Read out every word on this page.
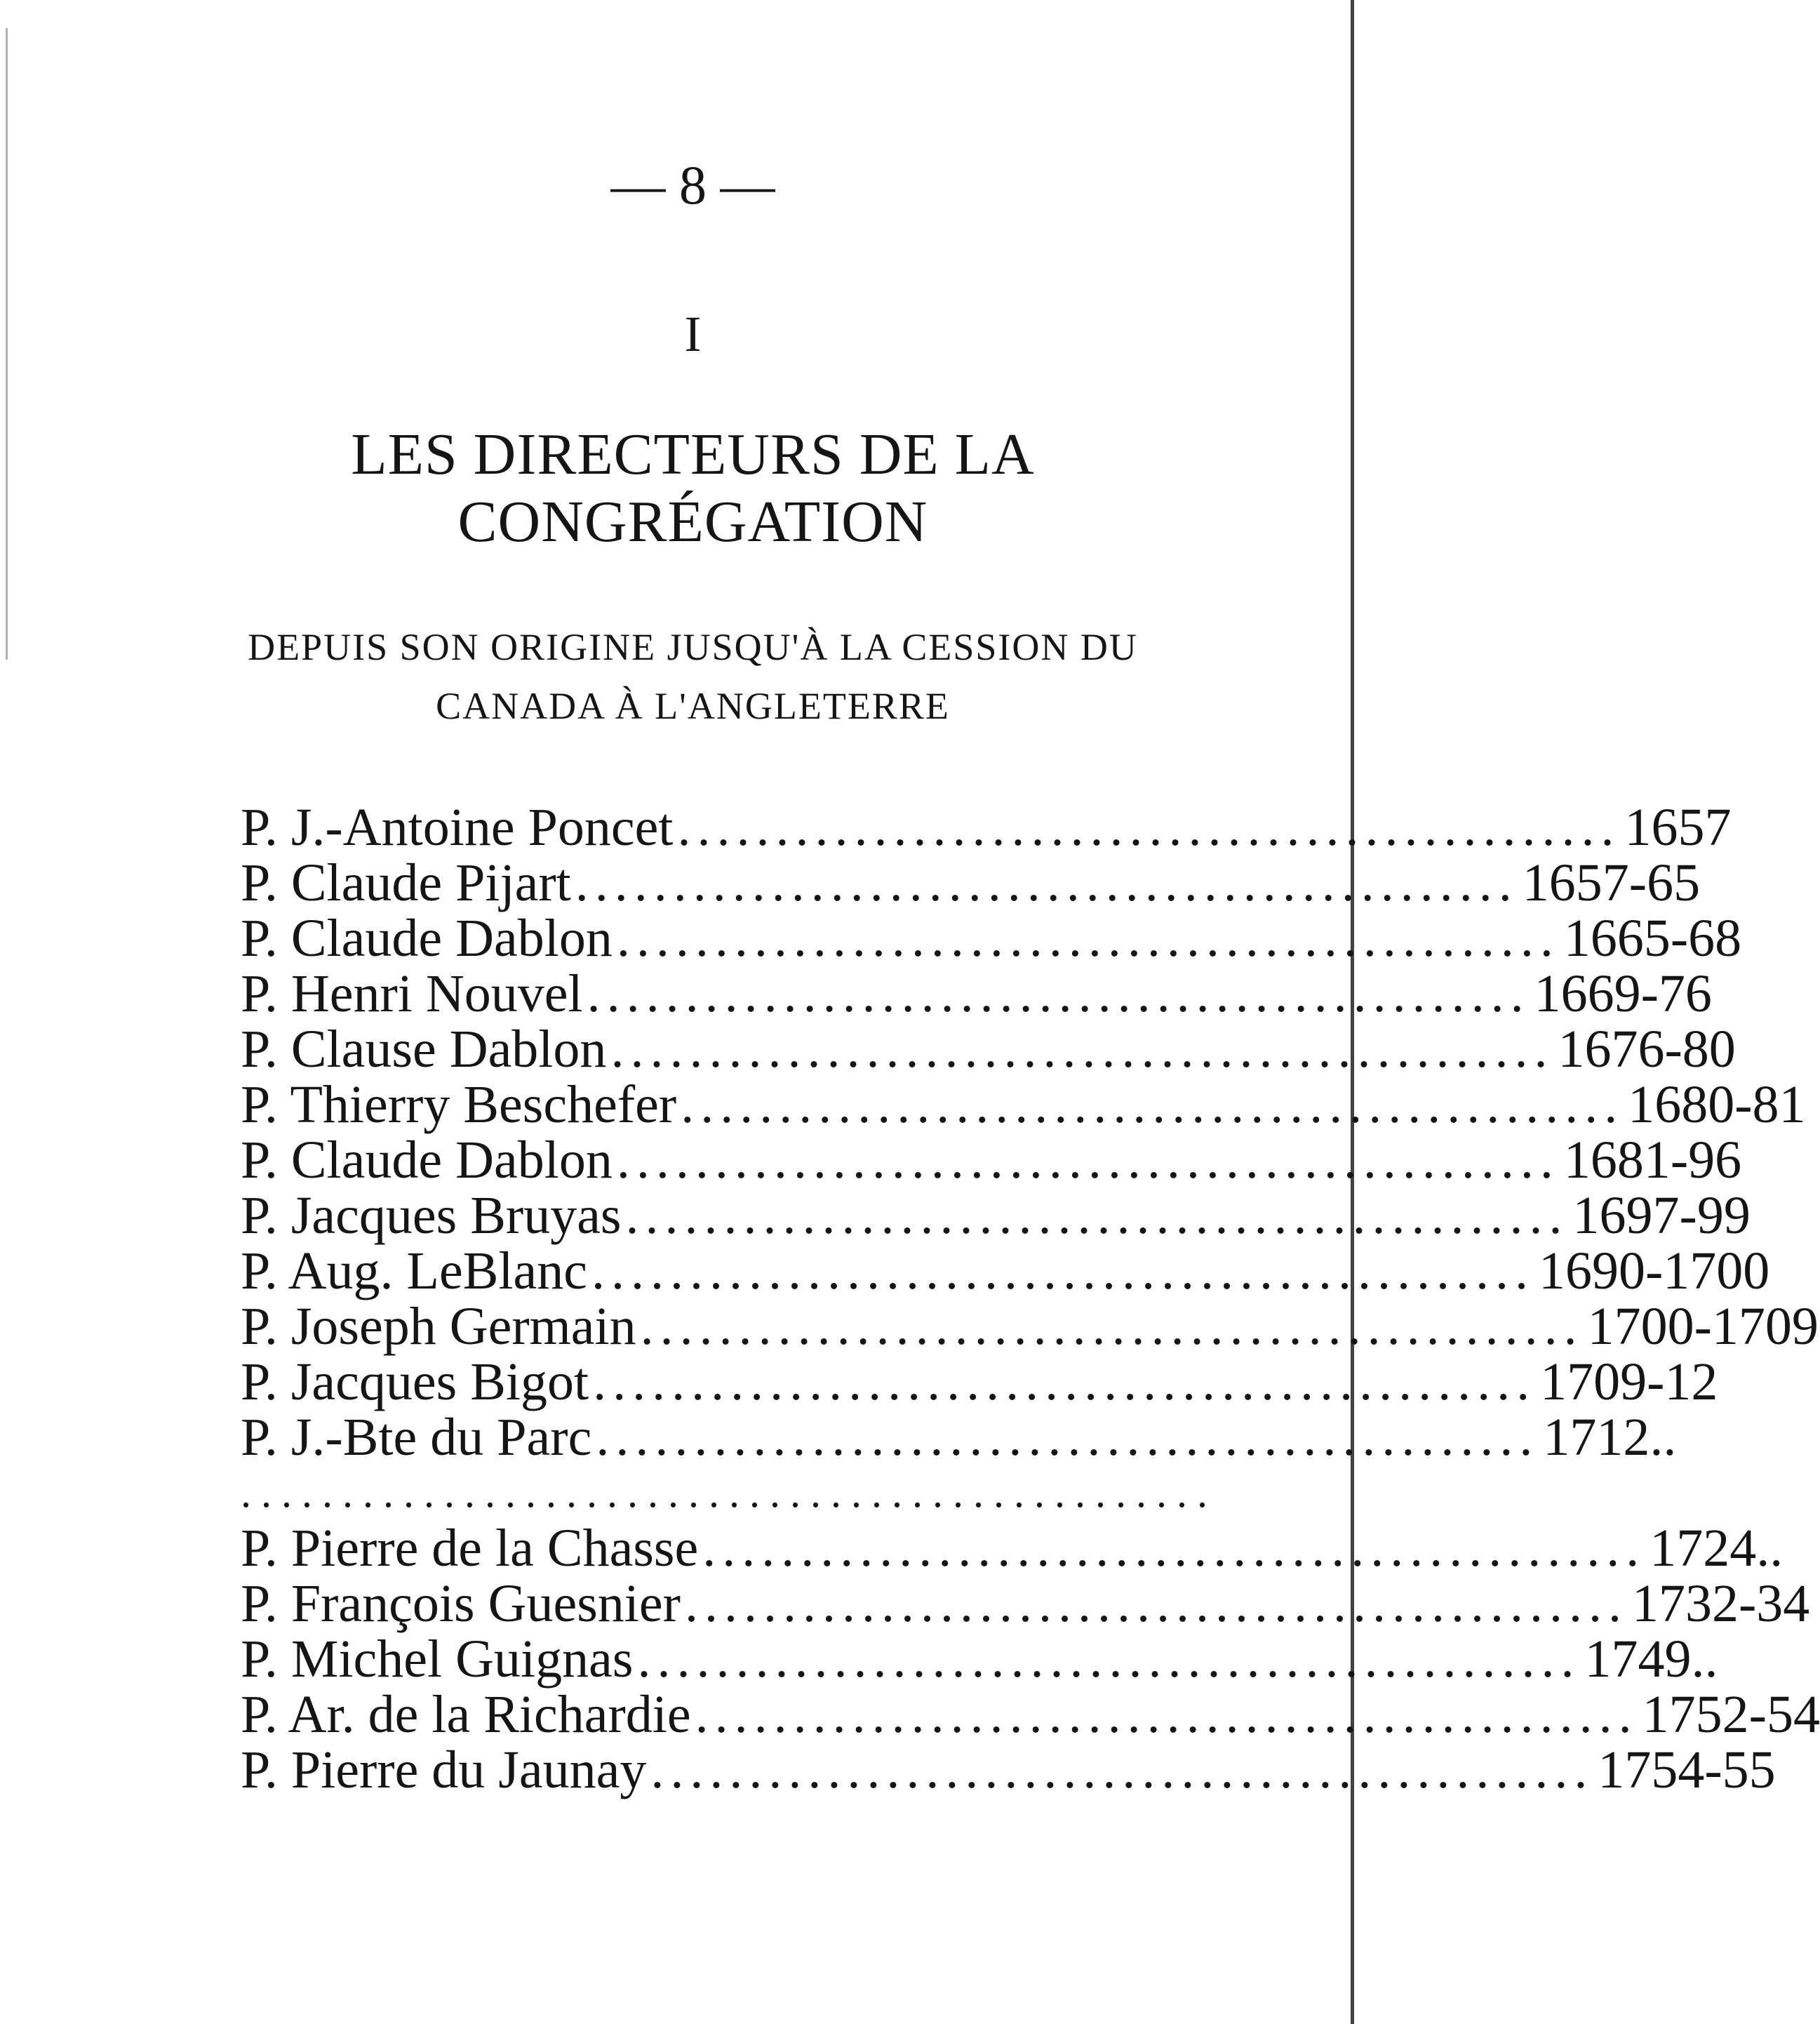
— 8 —
I
LES DIRECTEURS DE LA
CONGRÉGATION
DEPUIS SON ORIGINE JUSQU'À LA CESSION DU
CANADA À L'ANGLETERRE
P. J.-Antoine Poncet ................................................ 1657
P. Claude Pijart ................................................ 1657-65
P. Claude Dablon ................................................ 1665-68
P. Henri Nouvel ................................................ 1669-76
P. Clause Dablon ................................................ 1676-80
P. Thierry Beschefer ................................................ 1680-81
P. Claude Dablon ................................................ 1681-96
P. Jacques Bruyas ................................................ 1697-99
P. Aug. LeBlanc ................................................ 1690-1700
P. Joseph Germain ................................................ 1700-1709
P. Jacques Bigot ................................................ 1709-12
P. J.-Bte du Parc ................................................ 1712..
................................................
P. Pierre de la Chasse ................................................ 1724..
P. François Guesnier ................................................ 1732-34
P. Michel Guignas ................................................ 1749..
P. Ar. de la Richardie ................................................ 1752-54
P. Pierre du Jaunay ................................................ 1754-55
